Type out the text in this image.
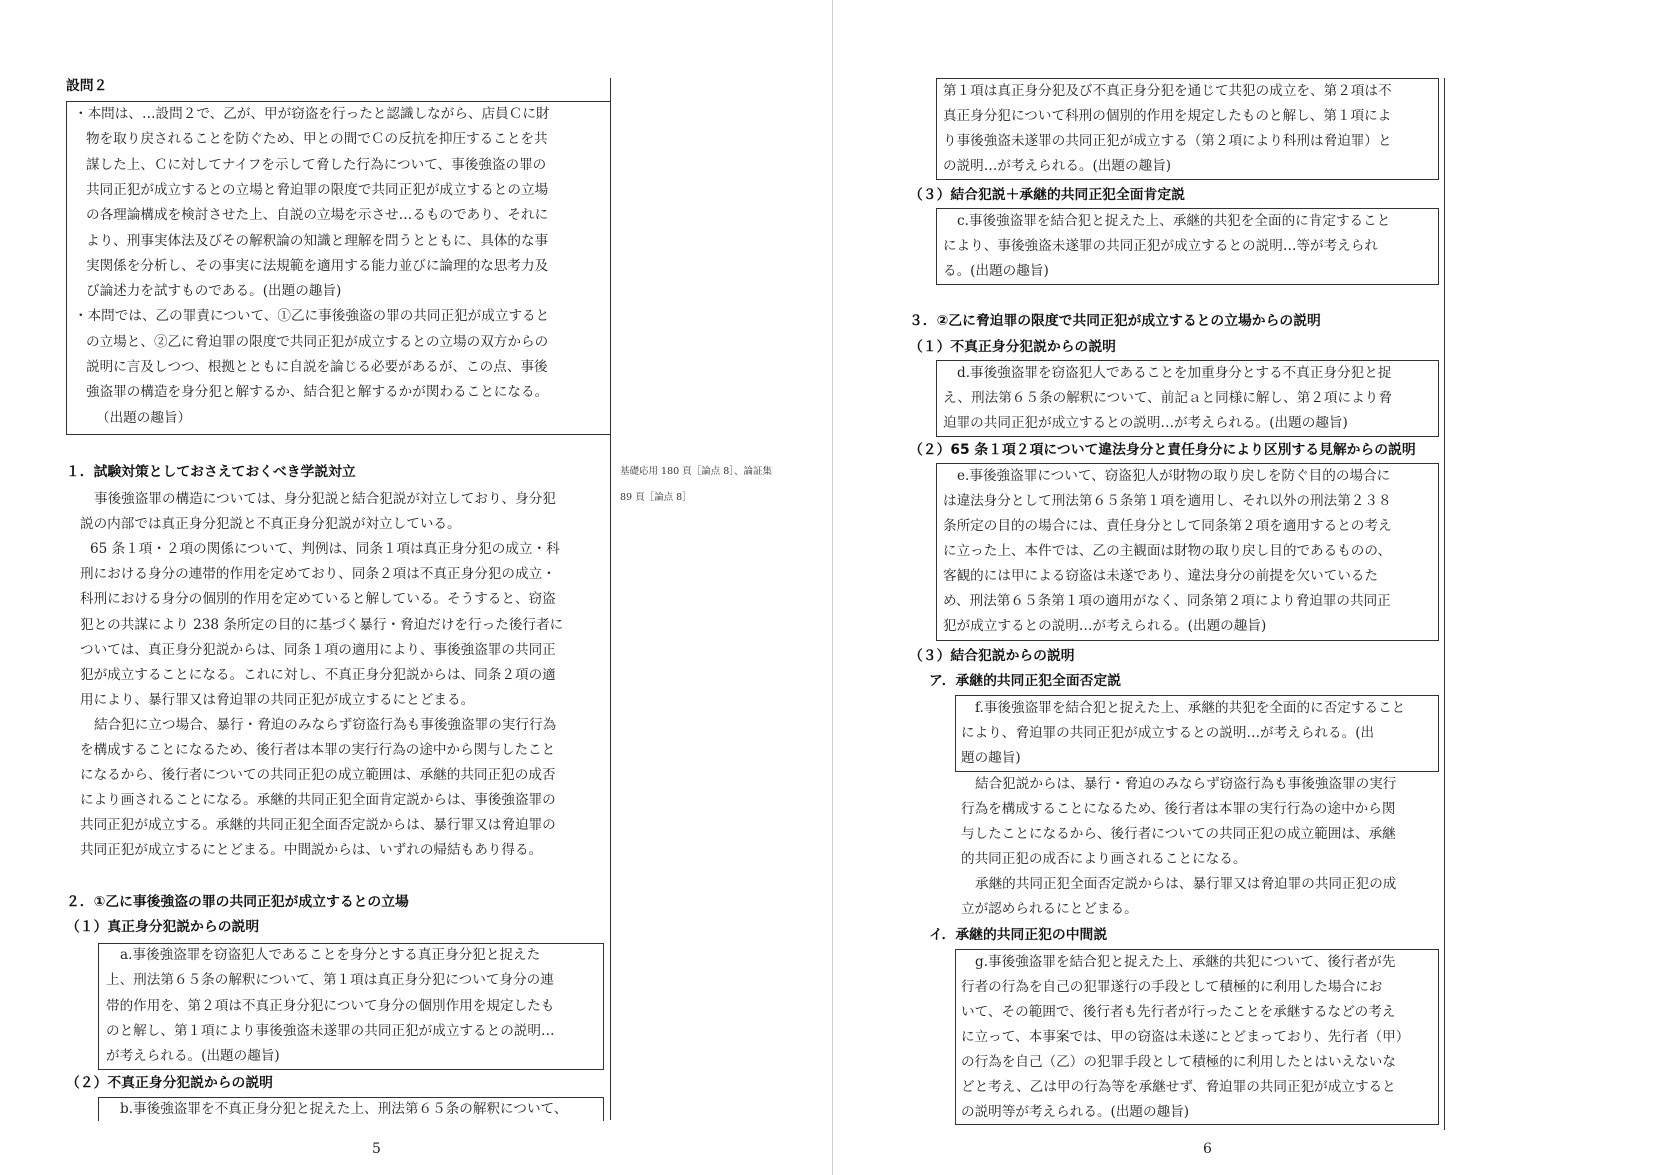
設問２
・本問は、…設問２で、乙が、甲が窃盗を行ったと認識しながら、店員Ｃに財
物を取り戻されることを防ぐため、甲との間でＣの反抗を抑圧することを共
謀した上、Ｃに対してナイフを示して脅した行為について、事後強盗の罪の
共同正犯が成立するとの立場と脅迫罪の限度で共同正犯が成立するとの立場
の各理論構成を検討させた上、自説の立場を示させ…るものであり、それに
より、刑事実体法及びその解釈論の知識と理解を問うとともに、具体的な事
実関係を分析し、その事実に法規範を適用する能力並びに論理的な思考力及
び論述力を試すものである。(出題の趣旨)
・本問では、乙の罪責について、①乙に事後強盗の罪の共同正犯が成立すると
の立場と、②乙に脅迫罪の限度で共同正犯が成立するとの立場の双方からの
説明に言及しつつ、根拠とともに自説を論じる必要があるが、この点、事後
強盗罪の構造を身分犯と解するか、結合犯と解するかが関わることになる。
（出題の趣旨）
１．試験対策としておさえておくべき学説対立
事後強盗罪の構造については、身分犯説と結合犯説が対立しており、身分犯
説の内部では真正身分犯説と不真正身分犯説が対立している。
65 条１項・２項の関係について、判例は、同条１項は真正身分犯の成立・科
刑における身分の連帯的作用を定めており、同条２項は不真正身分犯の成立・
科刑における身分の個別的作用を定めていると解している。そうすると、窃盗
犯との共謀により 238 条所定の目的に基づく暴行・脅迫だけを行った後行者に
ついては、真正身分犯説からは、同条１項の適用により、事後強盗罪の共同正
犯が成立することになる。これに対し、不真正身分犯説からは、同条２項の適
用により、暴行罪又は脅迫罪の共同正犯が成立するにとどまる。
結合犯に立つ場合、暴行・脅迫のみならず窃盗行為も事後強盗罪の実行行為
を構成することになるため、後行者は本罪の実行行為の途中から関与したこと
になるから、後行者についての共同正犯の成立範囲は、承継的共同正犯の成否
により画されることになる。承継的共同正犯全面肯定説からは、事後強盗罪の
共同正犯が成立する。承継的共同正犯全面否定説からは、暴行罪又は脅迫罪の
共同正犯が成立するにとどまる。中間説からは、いずれの帰結もあり得る。
基礎応用 180 頁［論点 8］、論証集
89 頁［論点 8］
２．①乙に事後強盗の罪の共同正犯が成立するとの立場
（１）真正身分犯説からの説明
a.事後強盗罪を窃盗犯人であることを身分とする真正身分犯と捉えた
上、刑法第６５条の解釈について、第１項は真正身分犯について身分の連
帯的作用を、第２項は不真正身分犯について身分の個別作用を規定したも
のと解し、第１項により事後強盗未遂罪の共同正犯が成立するとの説明…
が考えられる。(出題の趣旨)
（２）不真正身分犯説からの説明
b.事後強盗罪を不真正身分犯と捉えた上、刑法第６５条の解釈について、
5
第１項は真正身分犯及び不真正身分犯を通じて共犯の成立を、第２項は不
真正身分犯について科刑の個別的作用を規定したものと解し、第１項によ
り事後強盗未遂罪の共同正犯が成立する（第２項により科刑は脅迫罪）と
の説明…が考えられる。(出題の趣旨)
（３）結合犯説＋承継的共同正犯全面肯定説
c.事後強盗罪を結合犯と捉えた上、承継的共犯を全面的に肯定すること
により、事後強盗未遂罪の共同正犯が成立するとの説明…等が考えられ
る。(出題の趣旨)
３．②乙に脅迫罪の限度で共同正犯が成立するとの立場からの説明
（１）不真正身分犯説からの説明
d.事後強盗罪を窃盗犯人であることを加重身分とする不真正身分犯と捉
え、刑法第６５条の解釈について、前記ａと同様に解し、第２項により脅
迫罪の共同正犯が成立するとの説明…が考えられる。(出題の趣旨)
（２）65 条１項２項について違法身分と責任身分により区別する見解からの説明
e.事後強盗罪について、窃盗犯人が財物の取り戻しを防ぐ目的の場合に
は違法身分として刑法第６５条第１項を適用し、それ以外の刑法第２３８
条所定の目的の場合には、責任身分として同条第２項を適用するとの考え
に立った上、本件では、乙の主観面は財物の取り戻し目的であるものの、
客観的には甲による窃盗は未遂であり、違法身分の前提を欠いているた
め、刑法第６５条第１項の適用がなく、同条第２項により脅迫罪の共同正
犯が成立するとの説明…が考えられる。(出題の趣旨)
（３）結合犯説からの説明
ア．承継的共同正犯全面否定説
f.事後強盗罪を結合犯と捉えた上、承継的共犯を全面的に否定すること
により、脅迫罪の共同正犯が成立するとの説明…が考えられる。(出
題の趣旨)
結合犯説からは、暴行・脅迫のみならず窃盗行為も事後強盗罪の実行
行為を構成することになるため、後行者は本罪の実行行為の途中から関
与したことになるから、後行者についての共同正犯の成立範囲は、承継
的共同正犯の成否により画されることになる。
承継的共同正犯全面否定説からは、暴行罪又は脅迫罪の共同正犯の成
立が認められるにとどまる。
イ．承継的共同正犯の中間説
g.事後強盗罪を結合犯と捉えた上、承継的共犯について、後行者が先
行者の行為を自己の犯罪遂行の手段として積極的に利用した場合にお
いて、その範囲で、後行者も先行者が行ったことを承継するなどの考え
に立って、本事案では、甲の窃盗は未遂にとどまっており、先行者（甲）
の行為を自己（乙）の犯罪手段として積極的に利用したとはいえないな
どと考え、乙は甲の行為等を承継せず、脅迫罪の共同正犯が成立すると
の説明等が考えられる。(出題の趣旨)
6
